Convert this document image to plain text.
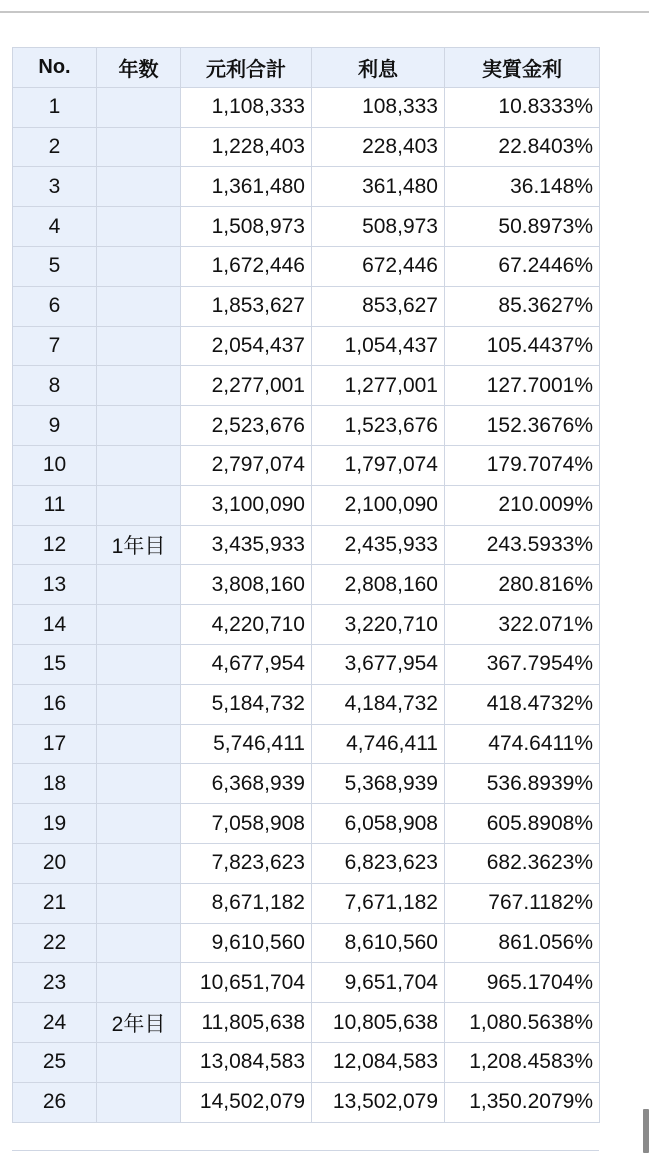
No.	年数	元利合計	利息	実質金利
1		1,108,333	108,333	10.8333%
2		1,228,403	228,403	22.8403%
3		1,361,480	361,480	36.148%
4		1,508,973	508,973	50.8973%
5		1,672,446	672,446	67.2446%
6		1,853,627	853,627	85.3627%
7		2,054,437	1,054,437	105.4437%
8		2,277,001	1,277,001	127.7001%
9		2,523,676	1,523,676	152.3676%
10		2,797,074	1,797,074	179.7074%
11		3,100,090	2,100,090	210.009%
12	1年目	3,435,933	2,435,933	243.5933%
13		3,808,160	2,808,160	280.816%
14		4,220,710	3,220,710	322.071%
15		4,677,954	3,677,954	367.7954%
16		5,184,732	4,184,732	418.4732%
17		5,746,411	4,746,411	474.6411%
18		6,368,939	5,368,939	536.8939%
19		7,058,908	6,058,908	605.8908%
20		7,823,623	6,823,623	682.3623%
21		8,671,182	7,671,182	767.1182%
22		9,610,560	8,610,560	861.056%
23		10,651,704	9,651,704	965.1704%
24	2年目	11,805,638	10,805,638	1,080.5638%
25		13,084,583	12,084,583	1,208.4583%
26		14,502,079	13,502,079	1,350.2079%
